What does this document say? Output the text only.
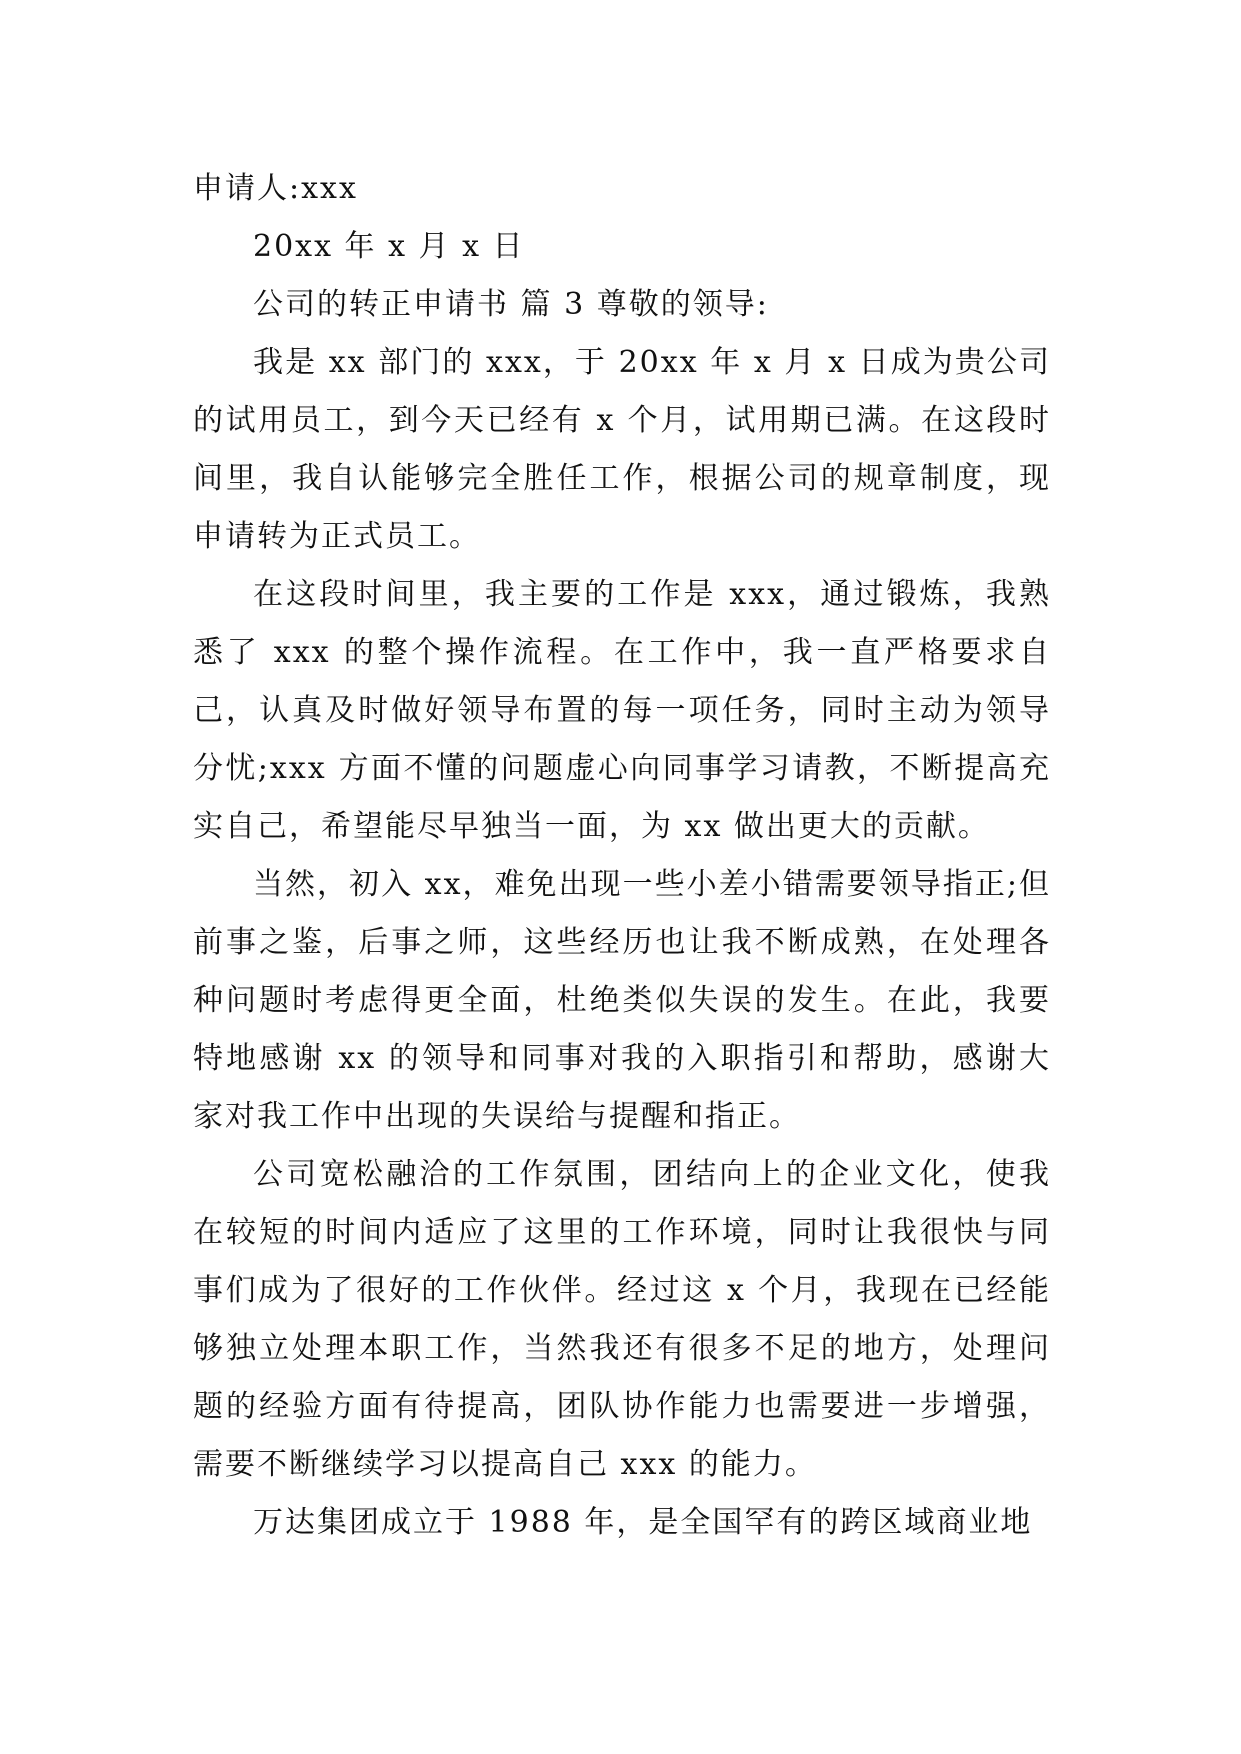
申请人:xxx

20xx 年 x 月 x 日

公司的转正申请书 篇 3 尊敬的领导:

我是 xx 部门的 xxx，于 20xx 年 x 月 x 日成为贵公司的试用员工，到今天已经有 x 个月，试用期已满。在这段时间里，我自认能够完全胜任工作，根据公司的规章制度，现申请转为正式员工。

在这段时间里，我主要的工作是 xxx，通过锻炼，我熟悉了 xxx 的整个操作流程。在工作中，我一直严格要求自己，认真及时做好领导布置的每一项任务，同时主动为领导分忧;xxx 方面不懂的问题虚心向同事学习请教，不断提高充实自己，希望能尽早独当一面，为 xx 做出更大的贡献。

当然，初入 xx，难免出现一些小差小错需要领导指正;但前事之鉴，后事之师，这些经历也让我不断成熟，在处理各种问题时考虑得更全面，杜绝类似失误的发生。在此，我要特地感谢 xx 的领导和同事对我的入职指引和帮助，感谢大家对我工作中出现的失误给与提醒和指正。

公司宽松融洽的工作氛围，团结向上的企业文化，使我在较短的时间内适应了这里的工作环境，同时让我很快与同事们成为了很好的工作伙伴。经过这 x 个月，我现在已经能够独立处理本职工作，当然我还有很多不足的地方，处理问题的经验方面有待提高，团队协作能力也需要进一步增强，需要不断继续学习以提高自己 xxx 的能力。

万达集团成立于 1988 年，是全国罕有的跨区域商业地
